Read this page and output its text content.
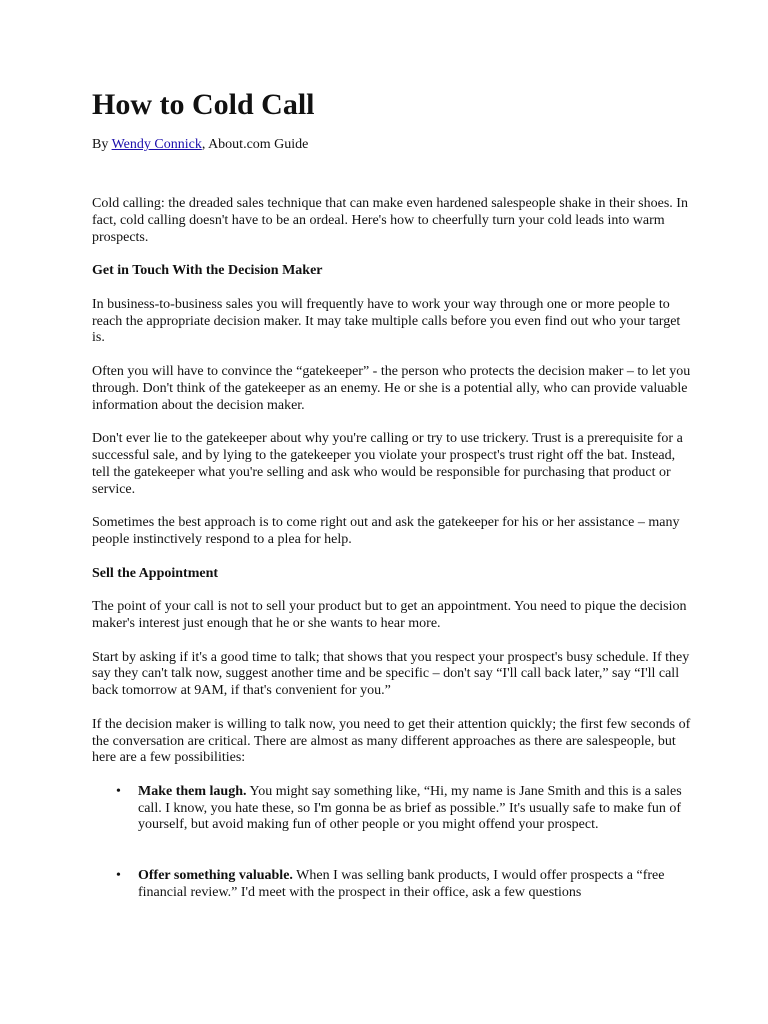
How to Cold Call

By Wendy Connick, About.com Guide

Cold calling: the dreaded sales technique that can make even hardened salespeople shake in their shoes. In fact, cold calling doesn't have to be an ordeal. Here's how to cheerfully turn your cold leads into warm prospects.

Get in Touch With the Decision Maker

In business-to-business sales you will frequently have to work your way through one or more people to reach the appropriate decision maker. It may take multiple calls before you even find out who your target is.

Often you will have to convince the “gatekeeper” - the person who protects the decision maker – to let you through. Don't think of the gatekeeper as an enemy. He or she is a potential ally, who can provide valuable information about the decision maker.

Don't ever lie to the gatekeeper about why you're calling or try to use trickery. Trust is a prerequisite for a successful sale, and by lying to the gatekeeper you violate your prospect's trust right off the bat. Instead, tell the gatekeeper what you're selling and ask who would be responsible for purchasing that product or service.

Sometimes the best approach is to come right out and ask the gatekeeper for his or her assistance – many people instinctively respond to a plea for help.

Sell the Appointment

The point of your call is not to sell your product but to get an appointment. You need to pique the decision maker's interest just enough that he or she wants to hear more.

Start by asking if it's a good time to talk; that shows that you respect your prospect's busy schedule. If they say they can't talk now, suggest another time and be specific – don't say “I'll call back later,” say “I'll call back tomorrow at 9AM, if that's convenient for you.”

If the decision maker is willing to talk now, you need to get their attention quickly; the first few seconds of the conversation are critical. There are almost as many different approaches as there are salespeople, but here are a few possibilities:

• Make them laugh. You might say something like, “Hi, my name is Jane Smith and this is a sales call. I know, you hate these, so I'm gonna be as brief as possible.” It's usually safe to make fun of yourself, but avoid making fun of other people or you might offend your prospect.
• Offer something valuable. When I was selling bank products, I would offer prospects a “free financial review.” I'd meet with the prospect in their office, ask a few questions
